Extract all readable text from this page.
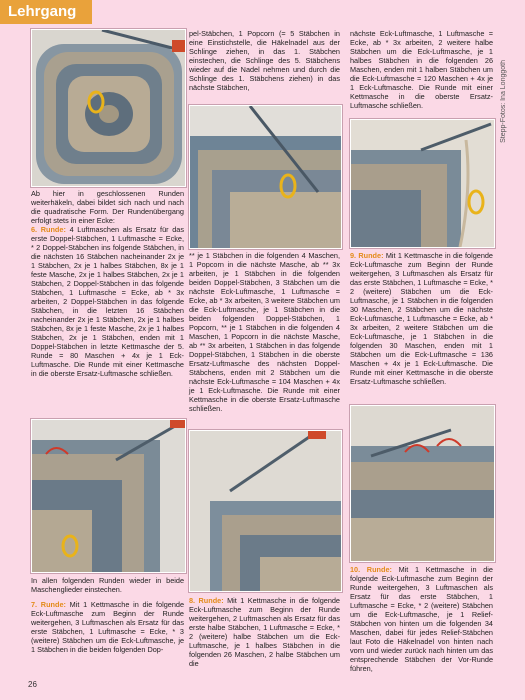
Lehrgang

Ab hier in geschlossenen Runden weiterhäkeln, dabei bildet sich nach und nach die quadratische Form. Der Rundenübergang erfolgt stets in einer Ecke:

6. Runde: 4 Luftmaschen als Ersatz für das erste Doppel-Stäbchen, 1 Luftmasche = Ecke, * 2 Doppel-Stäbchen ins folgende Stäbchen, in die nächsten 16 Stäbchen nacheinander 2x je 1 Stäbchen, 2x je 1 halbes Stäbchen, 8x je 1 feste Masche, 2x je 1 halbes Stäbchen, 2x je 1 Stäbchen, 2 Doppel-Stäbchen in das folgende Stäbchen, 1 Luftmasche = Ecke, ab * 3x arbeiten, 2 Doppel-Stäbchen in das folgende Stäbchen, in die letzten 16 Stäbchen nacheinander 2x je 1 Stäbchen, 2x je 1 halbes Stäbchen, 8x je 1 feste Masche, 2x je 1 halbes Stäbchen, 2x je 1 Stäbchen, enden mit 1 Doppel-Stäbchen in letzte Kettmasche der 5. Runde = 80 Maschen + 4x je 1 Eck-Luftmasche. Die Runde mit einer Kettmasche in die oberste Ersatz-Luftmasche schließen.

In allen folgenden Runden wieder in beide Maschenglieder einstechen.

7. Runde: Mit 1 Kettmasche in die folgende Eck-Luftmasche zum Beginn der Runde weitergehen, 3 Luftmaschen als Ersatz für das erste Stäbchen, 1 Luftmasche = Ecke, * 3 (weitere) Stäbchen um die Eck-Luftmasche, je 1 Stäbchen in die beiden folgenden Dop-

pel-Stäbchen, 1 Popcorn (= 5 Stäbchen in eine Einstichstelle, die Häkelnadel aus der Schlinge ziehen, in das 1. Stäbchen einstechen, die Schlinge des 5. Stäbchens wieder auf die Nadel nehmen und durch die Schlinge des 1. Stäbchens ziehen) in das nächste Stäbchen,

** je 1 Stäbchen in die folgenden 4 Maschen, 1 Popcorn in die nächste Masche, ab ** 3x arbeiten, je 1 Stäbchen in die folgenden beiden Doppel-Stäbchen, 3 Stäbchen um die nächste Eck-Luftmasche, 1 Luftmasche = Ecke, ab * 3x arbeiten, 3 weitere Stäbchen um die Eck-Luftmasche, je 1 Stäbchen in die beiden folgenden Doppel-Stäbchen, 1 Popcorn, ** je 1 Stäbchen in die folgenden 4 Maschen, 1 Popcorn in die nächste Masche, ab ** 3x arbeiten, 1 Stäbchen in das folgende Doppel-Stäbchen, 1 Stäbchen in die oberste Ersatz-Luftmasche des nächsten Doppel-Stäbchens, enden mit 2 Stäbchen um die nächste Eck-Luftmasche = 104 Maschen + 4x je 1 Eck-Luftmasche. Die Runde mit einer Kettmasche in die oberste Ersatz-Luftmasche schließen.

8. Runde: Mit 1 Kettmasche in die folgende Eck-Luftmasche zum Beginn der Runde weitergehen, 2 Luftmaschen als Ersatz für das erste halbe Stäbchen, 1 Luftmasche = Ecke, * 2 (weitere) halbe Stäbchen um die Eck-Luftmasche, je 1 halbes Stäbchen in die folgenden 26 Maschen, 2 halbe Stäbchen um die

nächste Eck-Luftmasche, 1 Luftmasche = Ecke, ab * 3x arbeiten, 2 weitere halbe Stäbchen um die Eck-Luftmasche, je 1 halbes Stäbchen in die folgenden 26 Maschen, enden mit 1 halben Stäbchen um die Eck-Luftmasche = 120 Maschen + 4x je 1 Eck-Luftmasche. Die Runde mit einer Kettmasche in die oberste Ersatz-Luftmasche schließen.

9. Runde: Mit 1 Kettmasche in die folgende Eck-Luftmasche zum Beginn der Runde weitergehen, 3 Luftmaschen als Ersatz für das erste Stäbchen, 1 Luftmasche = Ecke, * 2 (weitere) Stäbchen um die Eck-Luftmasche, je 1 Stäbchen in die folgenden 30 Maschen, 2 Stäbchen um die nächste Eck-Luftmasche, 1 Luftmasche = Ecke, ab * 3x arbeiten, 2 weitere Stäbchen um die Eck-Luftmasche, je 1 Stäbchen in die folgenden 30 Maschen, enden mit 1 Stäbchen um die Eck-Luftmasche = 136 Maschen + 4x je 1 Eck-Luftmasche. Die Runde mit einer Kettmasche in die oberste Ersatz-Luftmasche schließen.

10. Runde: Mit 1 Kettmasche in die folgende Eck-Luftmasche zum Beginn der Runde weitergehen, 3 Luftmaschen als Ersatz für das erste Stäbchen, 1 Luftmasche = Ecke, * 2 (weitere) Stäbchen um die Eck-Luftmasche, je 1 Relief-Stäbchen von hinten um die folgenden 34 Maschen, dabei für jedes Relief-Stäbchen laut Foto die Häkelnadel von hinten nach vorn und wieder zurück nach hinten um das entsprechende Stäbchen der Vor-Runde führen,

Stepp-Fotos: Ina Longgoth
26
